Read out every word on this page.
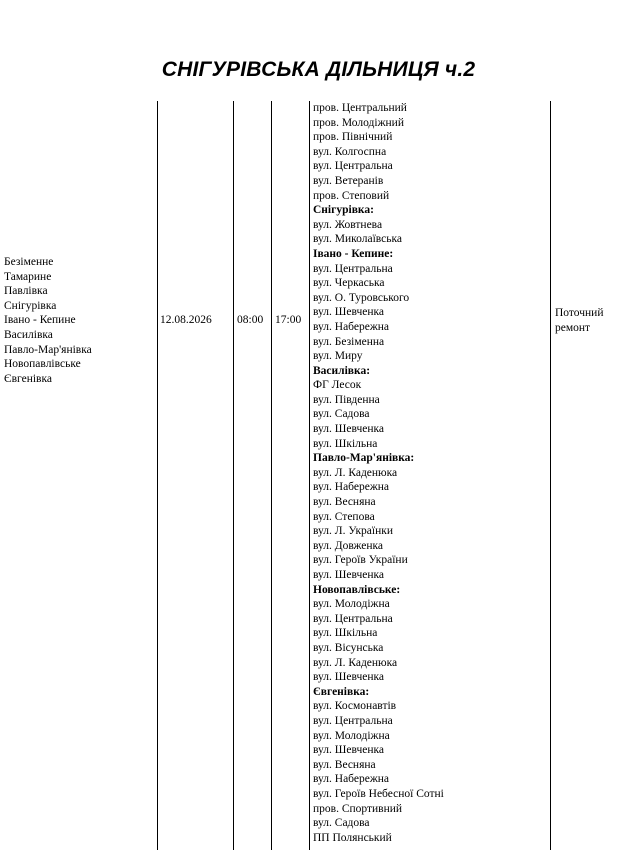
СНІГУРІВСЬКА ДІЛЬНИЦЯ ч.2
Безіменне
Тамарине
Павлівка
Снігурівка
Івано - Кепине
Василівка
Павло-Мар'янівка
Новопавлівське
Євгенівка
12.08.2026 08:00 17:00
пров. Центральний
пров. Молодіжний
пров. Північний
вул. Колгоспна
вул. Центральна
вул. Ветеранів
пров. Степовий
Снігурівка:
вул. Жовтнева
вул. Миколаївська
Івано - Кепине:
вул. Центральна
вул. Черкаська
вул. О. Туровського
вул. Шевченка
вул. Набережна
вул. Безіменна
вул. Миру
Василівка:
ФГ Лесок
вул. Південна
вул. Садова
вул. Шевченка
вул. Шкільна
Павло-Мар'янівка:
вул. Л. Каденюка
вул. Набережна
вул. Весняна
вул. Степова
вул. Л. Українки
вул. Довженка
вул. Героїв України
вул. Шевченка
Новопавлівське:
вул. Молодіжна
вул. Центральна
вул. Шкільна
вул. Вісунська
вул. Л. Каденюка
вул. Шевченка
Євгенівка:
вул. Космонавтів
вул. Центральна
вул. Молодіжна
вул. Шевченка
вул. Весняна
вул. Набережна
вул. Героїв Небесної Сотні
пров. Спортивний
вул. Садова
ПП Полянський
Поточний ремонт
